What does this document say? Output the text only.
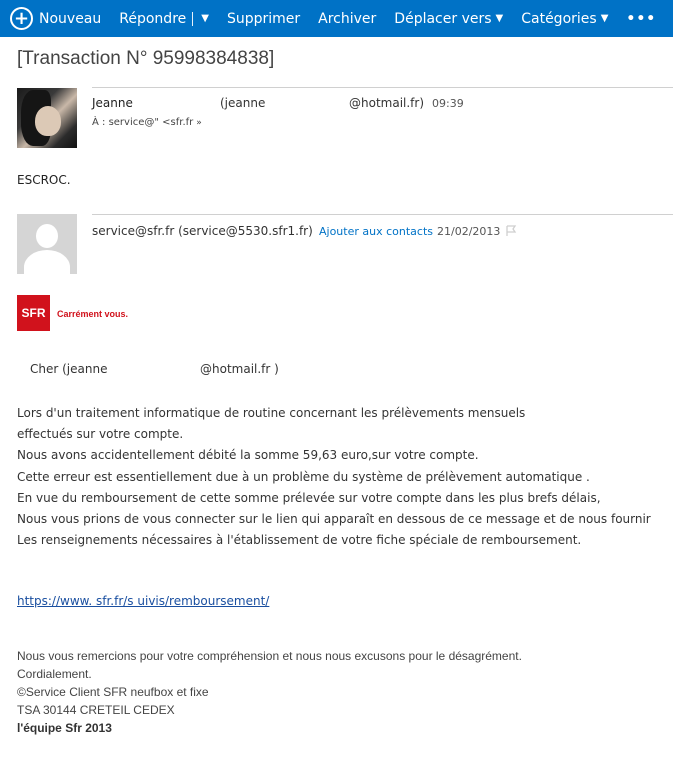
+ Nouveau Répondre ▼ Supprimer Archiver Déplacer vers ▼ Catégories ▼ •••
[Transaction N° 95998384838]
Jeanne	(jeanne	@hotmail.fr) 09:39
À : service@" <sfr.fr »
ESCROC.
service@sfr.fr (service@5530.sfr1.fr) Ajouter aux contacts 21/02/2013
SFR	Carrément vous.
Cher (jeanne	@hotmail.fr )
Lors d'un traitement informatique de routine concernant les prélèvements mensuels
effectués sur votre compte.
Nous avons accidentellement débité la somme 59,63 euro,sur votre compte.
Cette erreur est essentiellement due à un problème du système de prélèvement automatique .
En vue du remboursement de cette somme prélevée sur votre compte dans les plus brefs délais,
Nous vous prions de vous connecter sur le lien qui apparaît en dessous de ce message et de nous fournir
Les renseignements nécessaires à l'établissement de votre fiche spéciale de remboursement.
https://www. sfr.fr/s uivis/remboursement/
Nous vous remercions pour votre compréhension et nous nous excusons pour le désagrément.
Cordialement.
©Service Client SFR neufbox et fixe
TSA 30144 CRETEIL CEDEX
l'équipe Sfr 2013
